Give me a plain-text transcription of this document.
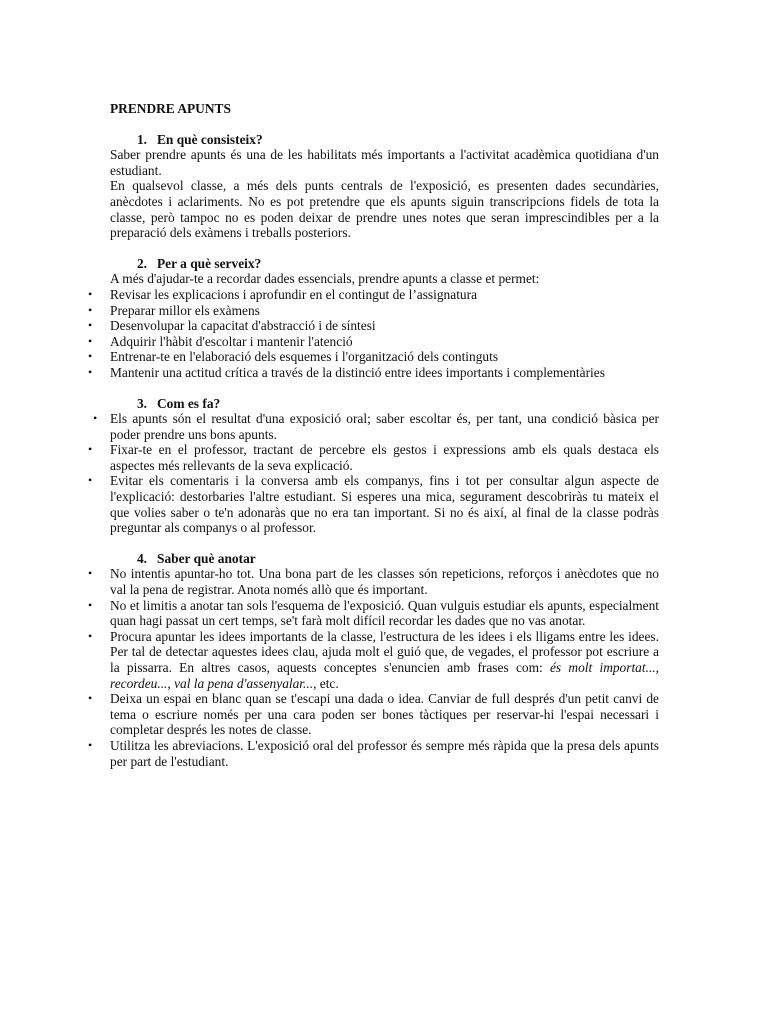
PRENDRE APUNTS

1. En què consisteix?

Saber prendre apunts és una de les habilitats més importants a l'activitat acadèmica quotidiana d'un estudiant.

En qualsevol classe, a més dels punts centrals de l'exposició, es presenten dades secundàries, anècdotes i aclariments. No es pot pretendre que els apunts siguin transcripcions fidels de tota la classe, però tampoc no es poden deixar de prendre unes notes que seran imprescindibles per a la preparació dels exàmens i treballs posteriors.

2. Per a què serveix?

A més d'ajudar-te a recordar dades essencials, prendre apunts a classe et permet:

• Revisar les explicacions i aprofundir en el contingut de l’assignatura
• Preparar millor els exàmens
• Desenvolupar la capacitat d'abstracció i de síntesi
• Adquirir l'hàbit d'escoltar i mantenir l'atenció
• Entrenar-te en l'elaboració dels esquemes i l'organització dels continguts
• Mantenir una actitud crítica a través de la distinció entre idees importants i complementàries
3. Com es fa?
• Els apunts són el resultat d'una exposició oral; saber escoltar és, per tant, una condició bàsica per poder prendre uns bons apunts.
• Fixar-te en el professor, tractant de percebre els gestos i expressions amb els quals destaca els aspectes més rellevants de la seva explicació.
• Evitar els comentaris i la conversa amb els companys, fins i tot per consultar algun aspecte de l'explicació: destorbaries l'altre estudiant. Si esperes una mica, segurament descobriràs tu mateix el que volies saber o te'n adonaràs que no era tan important. Si no és així, al final de la classe podràs preguntar als companys o al professor.
4. Saber què anotar
• No intentis apuntar-ho tot. Una bona part de les classes són repeticions, reforços i anècdotes que no val la pena de registrar. Anota només allò que és important.
• No et limitis a anotar tan sols l'esquema de l'exposició. Quan vulguis estudiar els apunts, especialment quan hagi passat un cert temps, se't farà molt difícil recordar les dades que no vas anotar.
• Procura apuntar les idees importants de la classe, l'estructura de les idees i els lligams entre les idees. Per tal de detectar aquestes idees clau, ajuda molt el guió que, de vegades, el professor pot escriure a la pissarra. En altres casos, aquests conceptes s'enuncien amb frases com: és molt importat..., recordeu..., val la pena d'assenyalar..., etc.
• Deixa un espai en blanc quan se t'escapi una dada o idea. Canviar de full després d'un petit canvi de tema o escriure només per una cara poden ser bones tàctiques per reservar-hi l'espai necessari i completar després les notes de classe.
• Utilitza les abreviacions. L'exposició oral del professor és sempre més ràpida que la presa dels apunts per part de l'estudiant.
